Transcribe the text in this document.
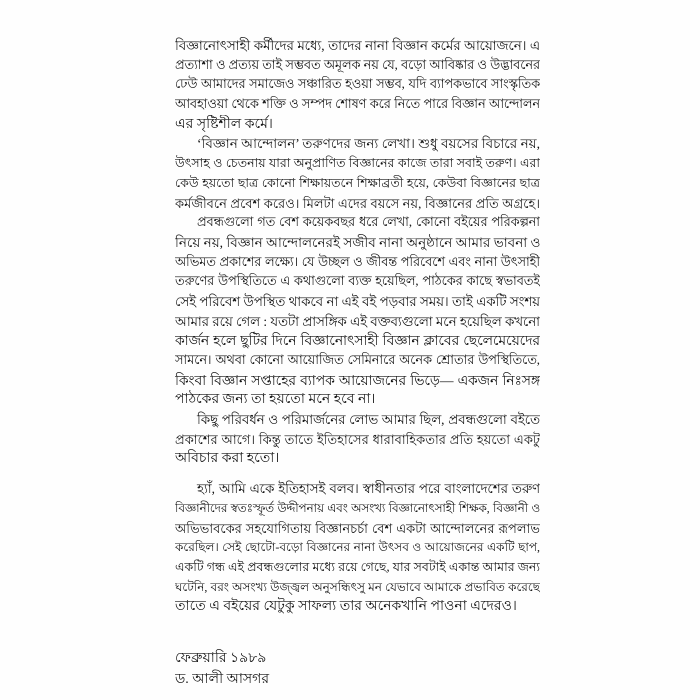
বিজ্ঞানোৎসাহী কর্মীদের মধ্যে, তাদের নানা বিজ্ঞান কর্মের আয়োজনে। এ
প্রত্যাশা ও প্রত্যয় তাই সম্ভবত অমূলক নয় যে, বড়ো আবিষ্কার ও উদ্ভাবনের
ঢেউ আমাদের সমাজেও সঞ্চারিত হওয়া সম্ভব, যদি ব্যাপকভাবে সাংস্কৃতিক
আবহাওয়া থেকে শক্তি ও সম্পদ শোষণ করে নিতে পারে বিজ্ঞান আন্দোলন
এর সৃষ্টিশীল কর্মে।
‘বিজ্ঞান আন্দোলন’ তরুণদের জন্য লেখা। শুধু বয়সের বিচারে নয়,
উৎসাহ ও চেতনায় যারা অনুপ্রাণিত বিজ্ঞানের কাজে তারা সবাই তরুণ। এরা
কেউ হয়তো ছাত্র কোনো শিক্ষায়তনে শিক্ষাব্রতী হয়ে, কেউবা বিজ্ঞানের ছাত্র
কর্মজীবনে প্রবেশ করেও। মিলটা এদের বয়সে নয়, বিজ্ঞানের প্রতি অগ্রহে।
প্রবন্ধগুলো গত বেশ কয়েকবছর ধরে লেখা, কোনো বইয়ের পরিকল্পনা
নিয়ে নয়, বিজ্ঞান আন্দোলনেরই সজীব নানা অনুষ্ঠানে আমার ভাবনা ও
অভিমত প্রকাশের লক্ষ্যে। যে উচ্ছল ও জীবন্ত পরিবেশে এবং নানা উৎসাহী
তরুণের উপস্থিতিতে এ কথাগুলো ব্যক্ত হয়েছিল, পাঠকের কাছে স্বভাবতই
সেই পরিবেশ উপস্থিত থাকবে না এই বই পড়বার সময়। তাই একটি সংশয়
আমার রয়ে গেল : যতটা প্রাসঙ্গিক এই বক্তব্যগুলো মনে হয়েছিল কখনো
কার্জন হলে ছুটির দিনে বিজ্ঞানোৎসাহী বিজ্ঞান ক্লাবের ছেলেমেয়েদের
সামনে। অথবা কোনো আয়োজিত সেমিনারে অনেক শ্রোতার উপস্থিতিতে,
কিংবা বিজ্ঞান সপ্তাহের ব্যাপক আয়োজনের ভিড়ে— একজন নিঃসঙ্গ
পাঠকের জন্য তা হয়তো মনে হবে না।
কিছু পরিবর্ধন ও পরিমার্জনের লোভ আমার ছিল, প্রবন্ধগুলো বইতে
প্রকাশের আগে। কিন্তু তাতে ইতিহাসের ধারাবাহিকতার প্রতি হয়তো একটু
অবিচার করা হতো।
হ্যাঁ, আমি একে ইতিহাসই বলব। স্বাধীনতার পরে বাংলাদেশের তরুণ
বিজ্ঞানীদের স্বতঃস্ফূর্ত উদ্দীপনায় এবং অসংখ্য বিজ্ঞানোৎসাহী শিক্ষক, বিজ্ঞানী ও
অভিভাবকের সহযোগিতায় বিজ্ঞানচর্চা বেশ একটা আন্দোলনের রূপলাভ
করেছিল। সেই ছোটো-বড়ো বিজ্ঞানের নানা উৎসব ও আয়োজনের একটি ছাপ,
একটি গন্ধ এই প্রবন্ধগুলোর মধ্যে রয়ে গেছে, যার সবটাই একান্ত আমার জন্য
ঘটেনি, বরং অসংখ্য উজ্জ্বল অনুসন্ধিৎসু মন যেভাবে আমাকে প্রভাবিত করেছে
তাতে এ বইয়ের যেটুকু সাফল্য তার অনেকখানি পাওনা এদেরও।
ফেব্রুয়ারি ১৯৮৯
ড. আলী আসগর
